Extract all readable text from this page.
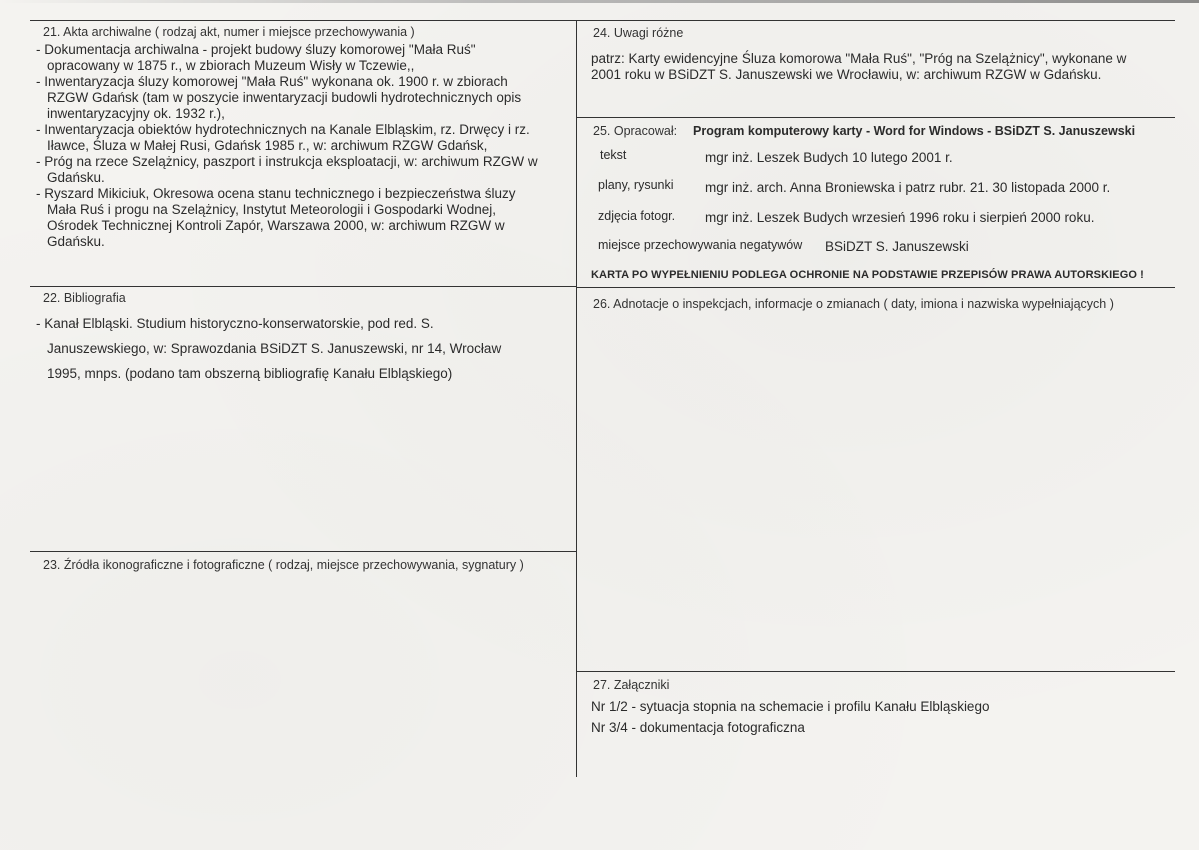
21. Akta archiwalne ( rodzaj akt, numer i miejsce przechowywania )
- Dokumentacja archiwalna - projekt budowy śluzy komorowej "Mała Ruś"
opracowany w 1875 r., w zbiorach Muzeum Wisły w Tczewie,,
- Inwentaryzacja śluzy komorowej "Mała Ruś" wykonana ok. 1900 r. w zbiorach
RZGW Gdańsk (tam w poszycie inwentaryzacji budowli hydrotechnicznych opis
inwentaryzacyjny ok. 1932 r.),
- Inwentaryzacja obiektów hydrotechnicznych na Kanale Elbląskim, rz. Drwęcy i rz.
Iławce, Śluza w Małej Rusi, Gdańsk 1985 r., w: archiwum RZGW Gdańsk,
- Próg na rzece Szelążnicy, paszport i instrukcja eksploatacji, w: archiwum RZGW w
Gdańsku.
- Ryszard Mikiciuk, Okresowa ocena stanu technicznego i bezpieczeństwa śluzy
Mała Ruś i progu na Szelążnicy, Instytut Meteorologii i Gospodarki Wodnej,
Ośrodek Technicznej Kontroli Zapór, Warszawa 2000, w: archiwum RZGW w
Gdańsku.
22. Bibliografia
- Kanał Elbląski. Studium historyczno-konserwatorskie, pod red. S.
Januszewskiego, w: Sprawozdania BSiDZT S. Januszewski, nr 14, Wrocław
1995, mnps. (podano tam obszerną bibliografię Kanału Elbląskiego)
23. Źródła ikonograficzne i fotograficzne ( rodzaj, miejsce przechowywania, sygnatury )
24. Uwagi różne
patrz: Karty ewidencyjne Śluza komorowa "Mała Ruś", "Próg na Szelążnicy", wykonane w
2001 roku w BSiDZT S. Januszewski we Wrocławiu, w: archiwum RZGW w Gdańsku.
25. Opracował: Program komputerowy karty - Word for Windows - BSiDZT S. Januszewski
tekst	mgr inż. Leszek Budych 10 lutego 2001 r.
plany, rysunki mgr inż. arch. Anna Broniewska i patrz rubr. 21. 30 listopada 2000 r.
zdjęcia fotogr. mgr inż. Leszek Budych wrzesień 1996 roku i sierpień 2000 roku.
miejsce przechowywania negatywów BSiDZT S. Januszewski
KARTA PO WYPEŁNIENIU PODLEGA OCHRONIE NA PODSTAWIE PRZEPISÓW PRAWA AUTORSKIEGO !
26. Adnotacje o inspekcjach, informacje o zmianach ( daty, imiona i nazwiska wypełniających )
27. Załączniki
Nr 1/2 - sytuacja stopnia na schemacie i profilu Kanału Elbląskiego
Nr 3/4 - dokumentacja fotograficzna
